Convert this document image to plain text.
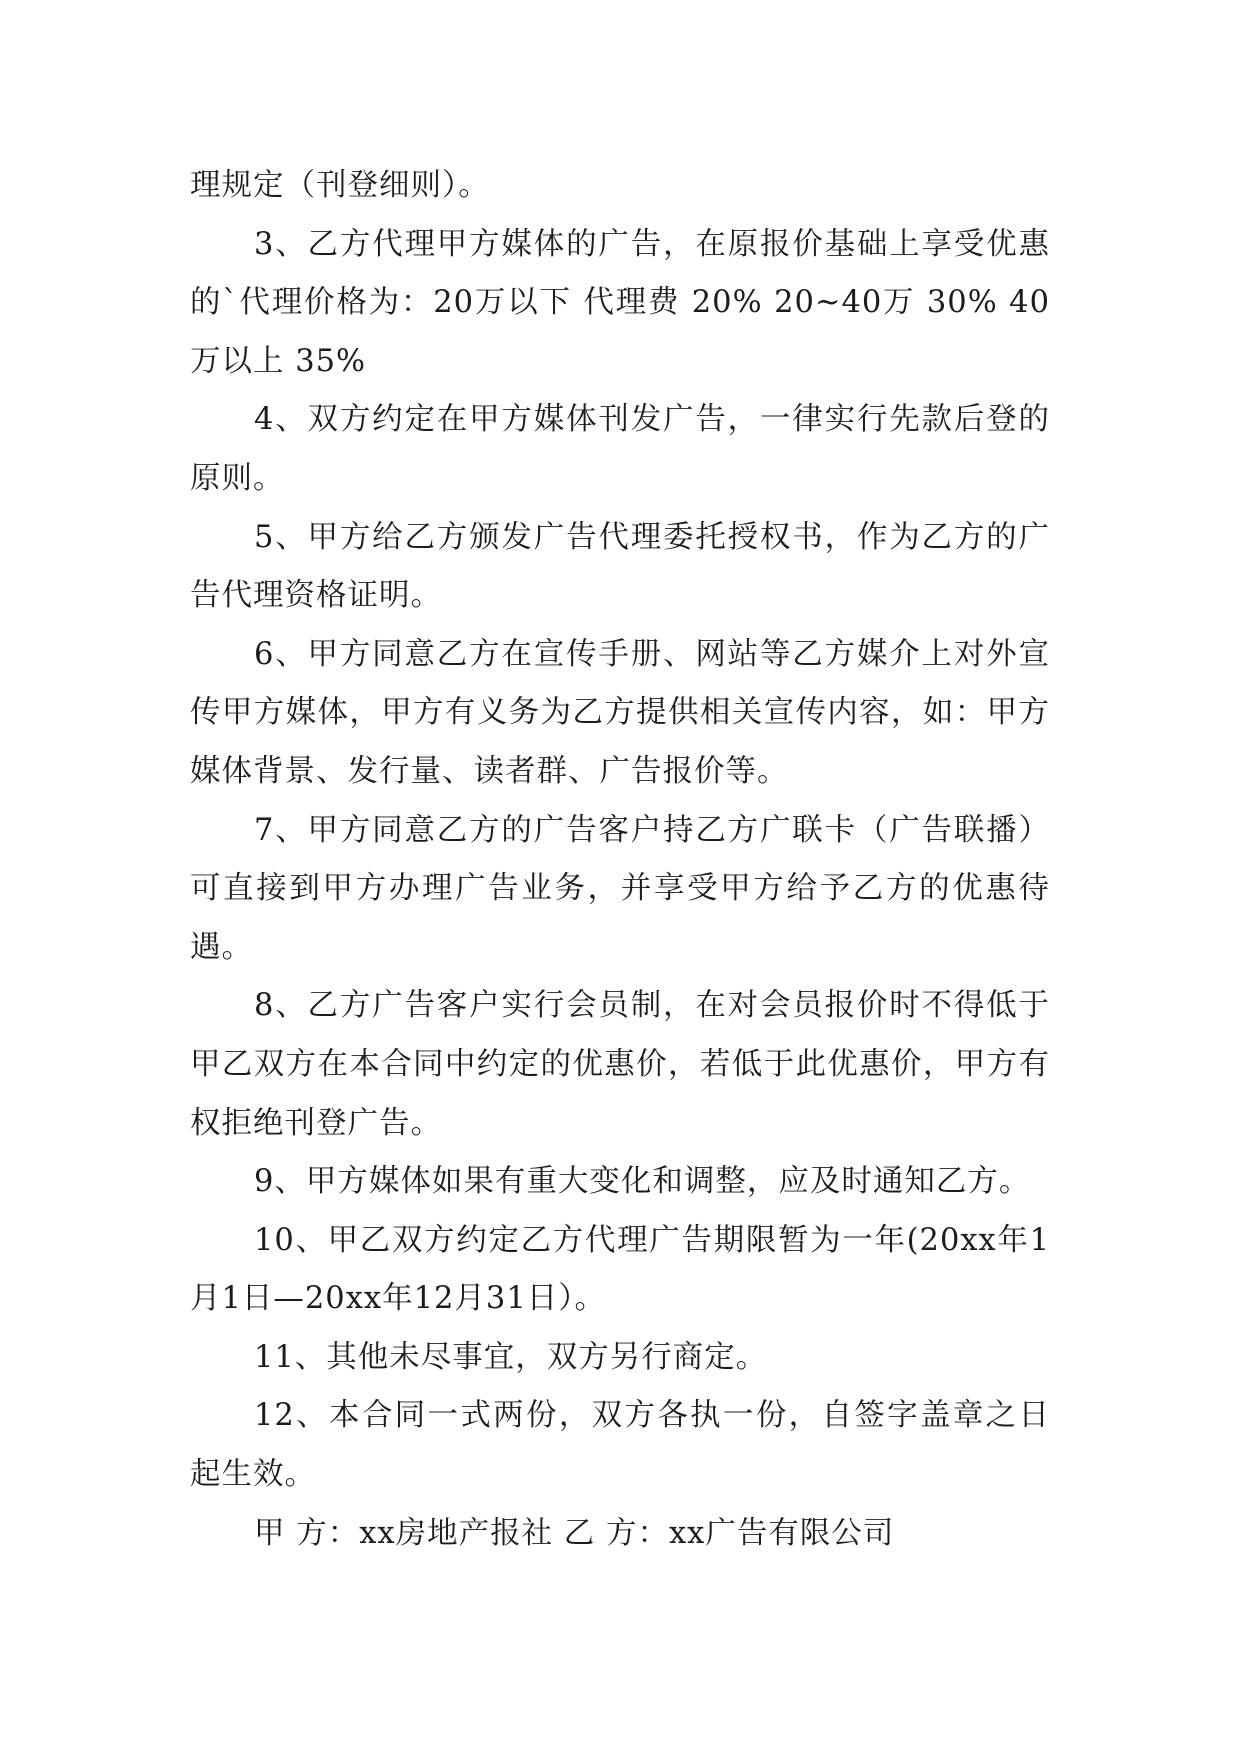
理规定（刊登细则）。

3、乙方代理甲方媒体的广告，在原报价基础上享受优惠的`代理价格为：20万以下 代理费 20% 20~40万 30% 40万以上 35%

4、双方约定在甲方媒体刊发广告，一律实行先款后登的原则。

5、甲方给乙方颁发广告代理委托授权书，作为乙方的广告代理资格证明。

6、甲方同意乙方在宣传手册、网站等乙方媒介上对外宣传甲方媒体，甲方有义务为乙方提供相关宣传内容，如：甲方媒体背景、发行量、读者群、广告报价等。

7、甲方同意乙方的广告客户持乙方广联卡（广告联播）可直接到甲方办理广告业务，并享受甲方给予乙方的优惠待遇。

8、乙方广告客户实行会员制，在对会员报价时不得低于甲乙双方在本合同中约定的优惠价，若低于此优惠价，甲方有权拒绝刊登广告。

9、甲方媒体如果有重大变化和调整，应及时通知乙方。

10、甲乙双方约定乙方代理广告期限暂为一年(20xx年1月1日—20xx年12月31日）。

11、其他未尽事宜，双方另行商定。

12、本合同一式两份，双方各执一份，自签字盖章之日起生效。

甲 方：xx房地产报社 乙 方：xx广告有限公司
